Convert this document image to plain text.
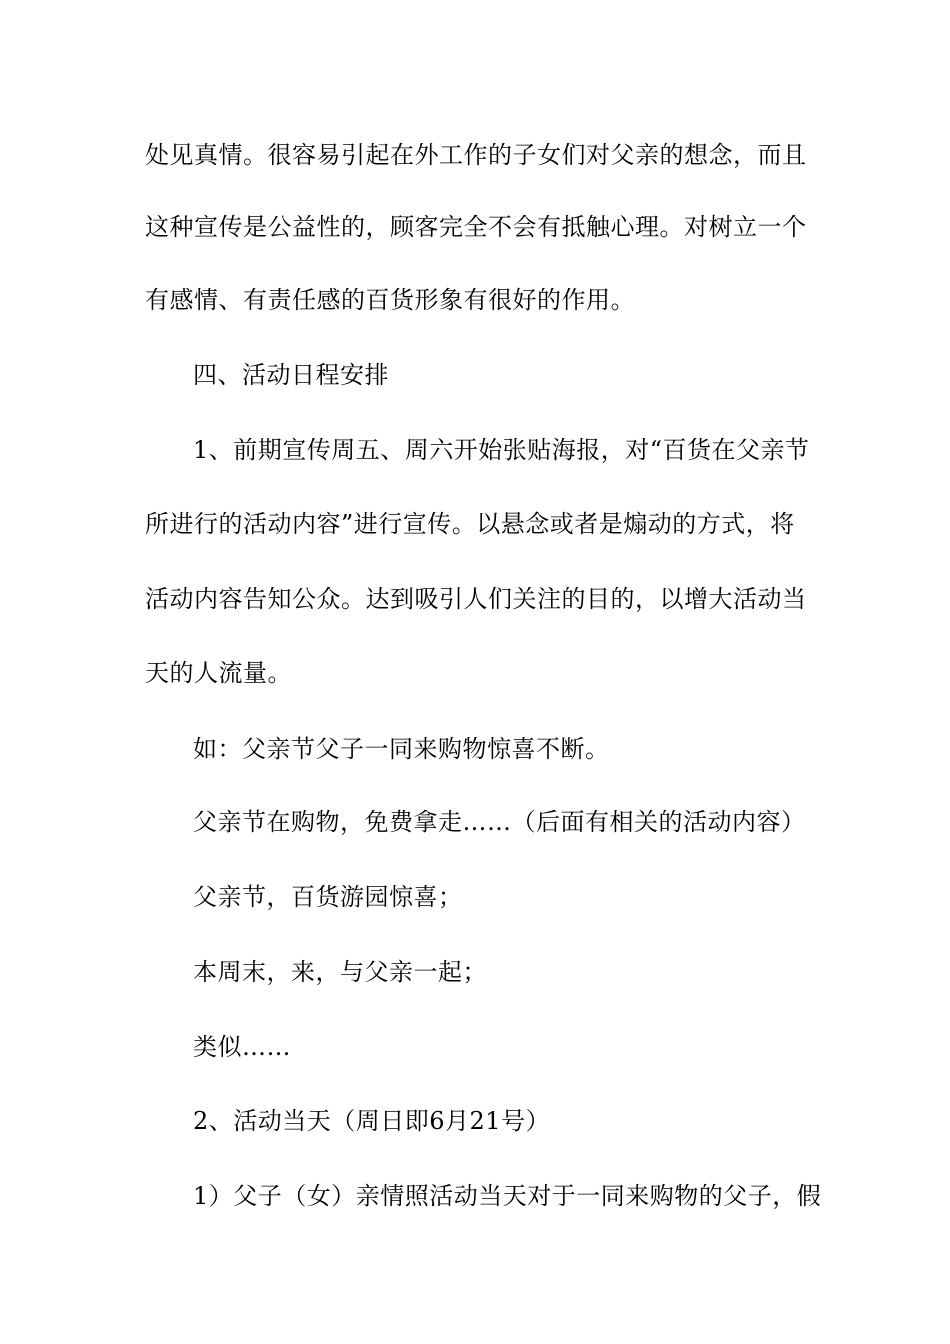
处见真情。很容易引起在外工作的子女们对父亲的想念，而且
这种宣传是公益性的，顾客完全不会有抵触心理。对树立一个
有感情、有责任感的百货形象有很好的作用。
四、活动日程安排
1、前期宣传周五、周六开始张贴海报，对“百货在父亲节
所进行的活动内容”进行宣传。以悬念或者是煽动的方式，将
活动内容告知公众。达到吸引人们关注的目的，以增大活动当
天的人流量。
如：父亲节父子一同来购物惊喜不断。
父亲节在购物，免费拿走……（后面有相关的活动内容）
父亲节，百货游园惊喜；
本周末，来，与父亲一起；
类似……
2、活动当天（周日即6月21号）
1）父子（女）亲情照活动当天对于一同来购物的父子，假
